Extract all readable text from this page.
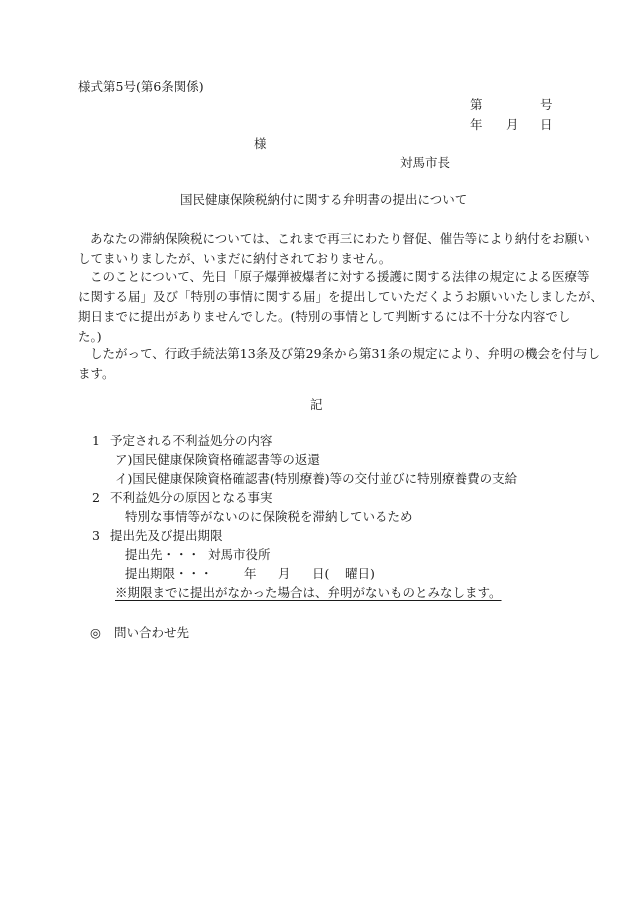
様式第5号(第6条関係)
第	号
年 月 日
様
対馬市長
国民健康保険税納付に関する弁明書の提出について
あなたの滞納保険税については、これまで再三にわたり督促、催告等により納付をお願い
してまいりましたが、いまだに納付されておりません。
このことについて、先日「原子爆弾被爆者に対する援護に関する法律の規定による医療等
に関する届」及び「特別の事情に関する届」を提出していただくようお願いいたしましたが、
期日までに提出がありませんでした。(特別の事情として判断するには不十分な内容でし
た。)
したがって、行政手続法第13条及び第29条から第31条の規定により、弁明の機会を付与し
ます。
記
1 予定される不利益処分の内容
ア)国民健康保険資格確認書等の返還
イ)国民健康保険資格確認書(特別療養)等の交付並びに特別療養費の支給
2 不利益処分の原因となる事実
特別な事情等がないのに保険税を滞納しているため
3 提出先及び提出期限
提出先・・・ 対馬市役所
提出期限・・・	年 月 日( 曜日)
※期限までに提出がなかった場合は、弁明がないものとみなします。
◎ 問い合わせ先
